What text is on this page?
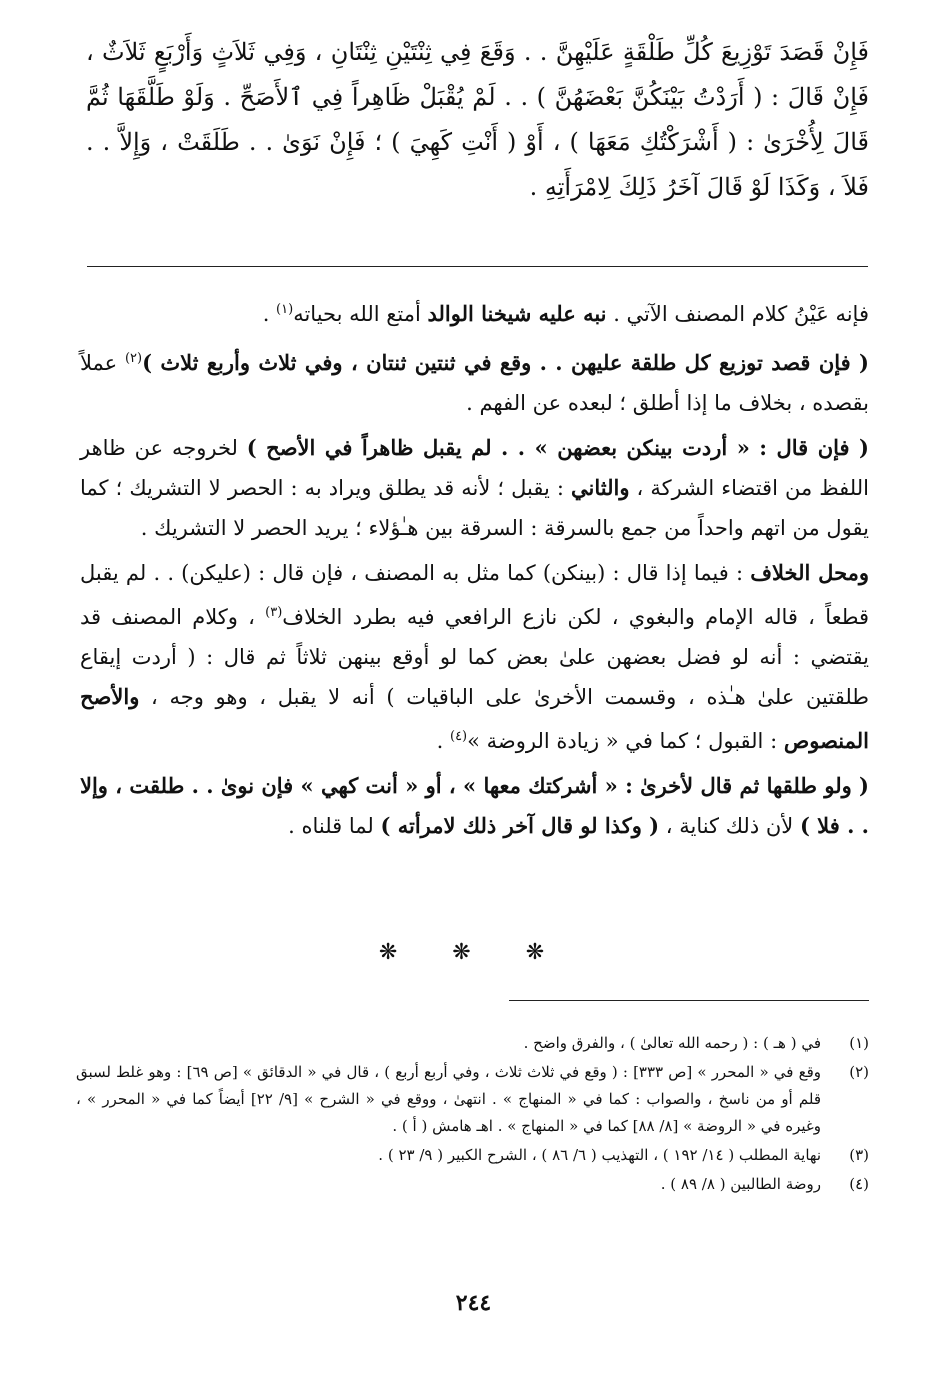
فَإِنْ قَصَدَ تَوْزِيعَ كُلِّ طَلْقَةٍ عَلَيْهِنَّ . . وَقَعَ فِي ثِنْتَيْنِ ثِنْتَانِ ، وَفِي ثَلاَثٍ وَأَرْبَعٍ ثَلاَثٌ ، فَإِنْ قَالَ : ( أَرَدْتُ بَيْنَكُنَّ بَعْضَهُنَّ ) . . لَمْ يُقْبَلْ ظَاهِراً فِي ٱلأَصَحِّ . وَلَوْ طَلَّقَهَا ثُمَّ قَالَ لِأُخْرَىٰ : ( أَشْرَكْتُكِ مَعَهَا ) ، أَوْ ( أَنْتِ كَهِيَ ) ؛ فَإِنْ نَوَىٰ . . طَلَقَتْ ، وَإِلاَّ . . فَلاَ ، وَكَذَا لَوْ قَالَ آخَرُ ذَلِكَ لِامْرَأَتِهِ .

فإنه عَيْنُ كلام المصنف الآتي . نبه عليه شيخنا الوالد أمتع الله بحياته$^{(١)}$ .

( فإن قصد توزيع كل طلقة عليهن . . وقع في ثنتين ثنتان ، وفي ثلاث وأربع ثلاث )$^{(٢)}$ عملاً بقصده ، بخلاف ما إذا أطلق ؛ لبعده عن الفهم .

( فإن قال : « أردت بينكن بعضهن » . . لم يقبل ظاهراً في الأصح ) لخروجه عن ظاهر اللفظ من اقتضاء الشركة ، والثاني : يقبل ؛ لأنه قد يطلق ويراد به : الحصر لا التشريك ؛ كما يقول من اتهم واحداً من جمع بالسرقة : السرقة بين هـٰؤلاء ؛ يريد الحصر لا التشريك .

ومحل الخلاف : فيما إذا قال : (بينكن) كما مثل به المصنف ، فإن قال : (عليكن) . . لم يقبل قطعاً ، قاله الإمام والبغوي ، لكن نازع الرافعي فيه بطرد الخلاف$^{(٣)}$ ، وكلام المصنف قد يقتضي : أنه لو فضل بعضهن علىٰ بعض كما لو أوقع بينهن ثلاثاً ثم قال : ( أردت إيقاع طلقتين علىٰ هـٰذه ، وقسمت الأخرىٰ على الباقيات ) أنه لا يقبل ، وهو وجه ، والأصح المنصوص : القبول ؛ كما في « زيادة الروضة »$^{(٤)}$ .

( ولو طلقها ثم قال لأخرىٰ : « أشركتك معها » ، أو « أنت كهي » فإن نوىٰ . . طلقت ، وإلا . . فلا ) لأن ذلك كناية ، ( وكذا لو قال آخر ذلك لامرأته ) لما قلناه .

❋ ❋ ❋
(١)
في ( هـ ) : ( رحمه الله تعالىٰ ) ، والفرق واضح .
(٢)
وقع في « المحرر » [ص ٣٣٣] : ( وقع في ثلاث ثلاث ، وفي أربع أربع ) ، قال في « الدقائق » [ص ٦٩] : وهو غلط لسبق قلم أو من ناسخ ، والصواب : كما في « المنهاج » . انتهىٰ ، ووقع في « الشرح » [٩/ ٢٢] أيضاً كما في « المحرر » ، وغيره في « الروضة » [٨/ ٨٨] كما في « المنهاج » . اهـ هامش ( أ ) .
(٣)
نهاية المطلب ( ١٤/ ١٩٢ ) ، التهذيب ( ٦/ ٨٦ ) ، الشرح الكبير ( ٩/ ٢٣ ) .
(٤)
روضة الطالبين ( ٨/ ٨٩ ) .
٢٤٤
